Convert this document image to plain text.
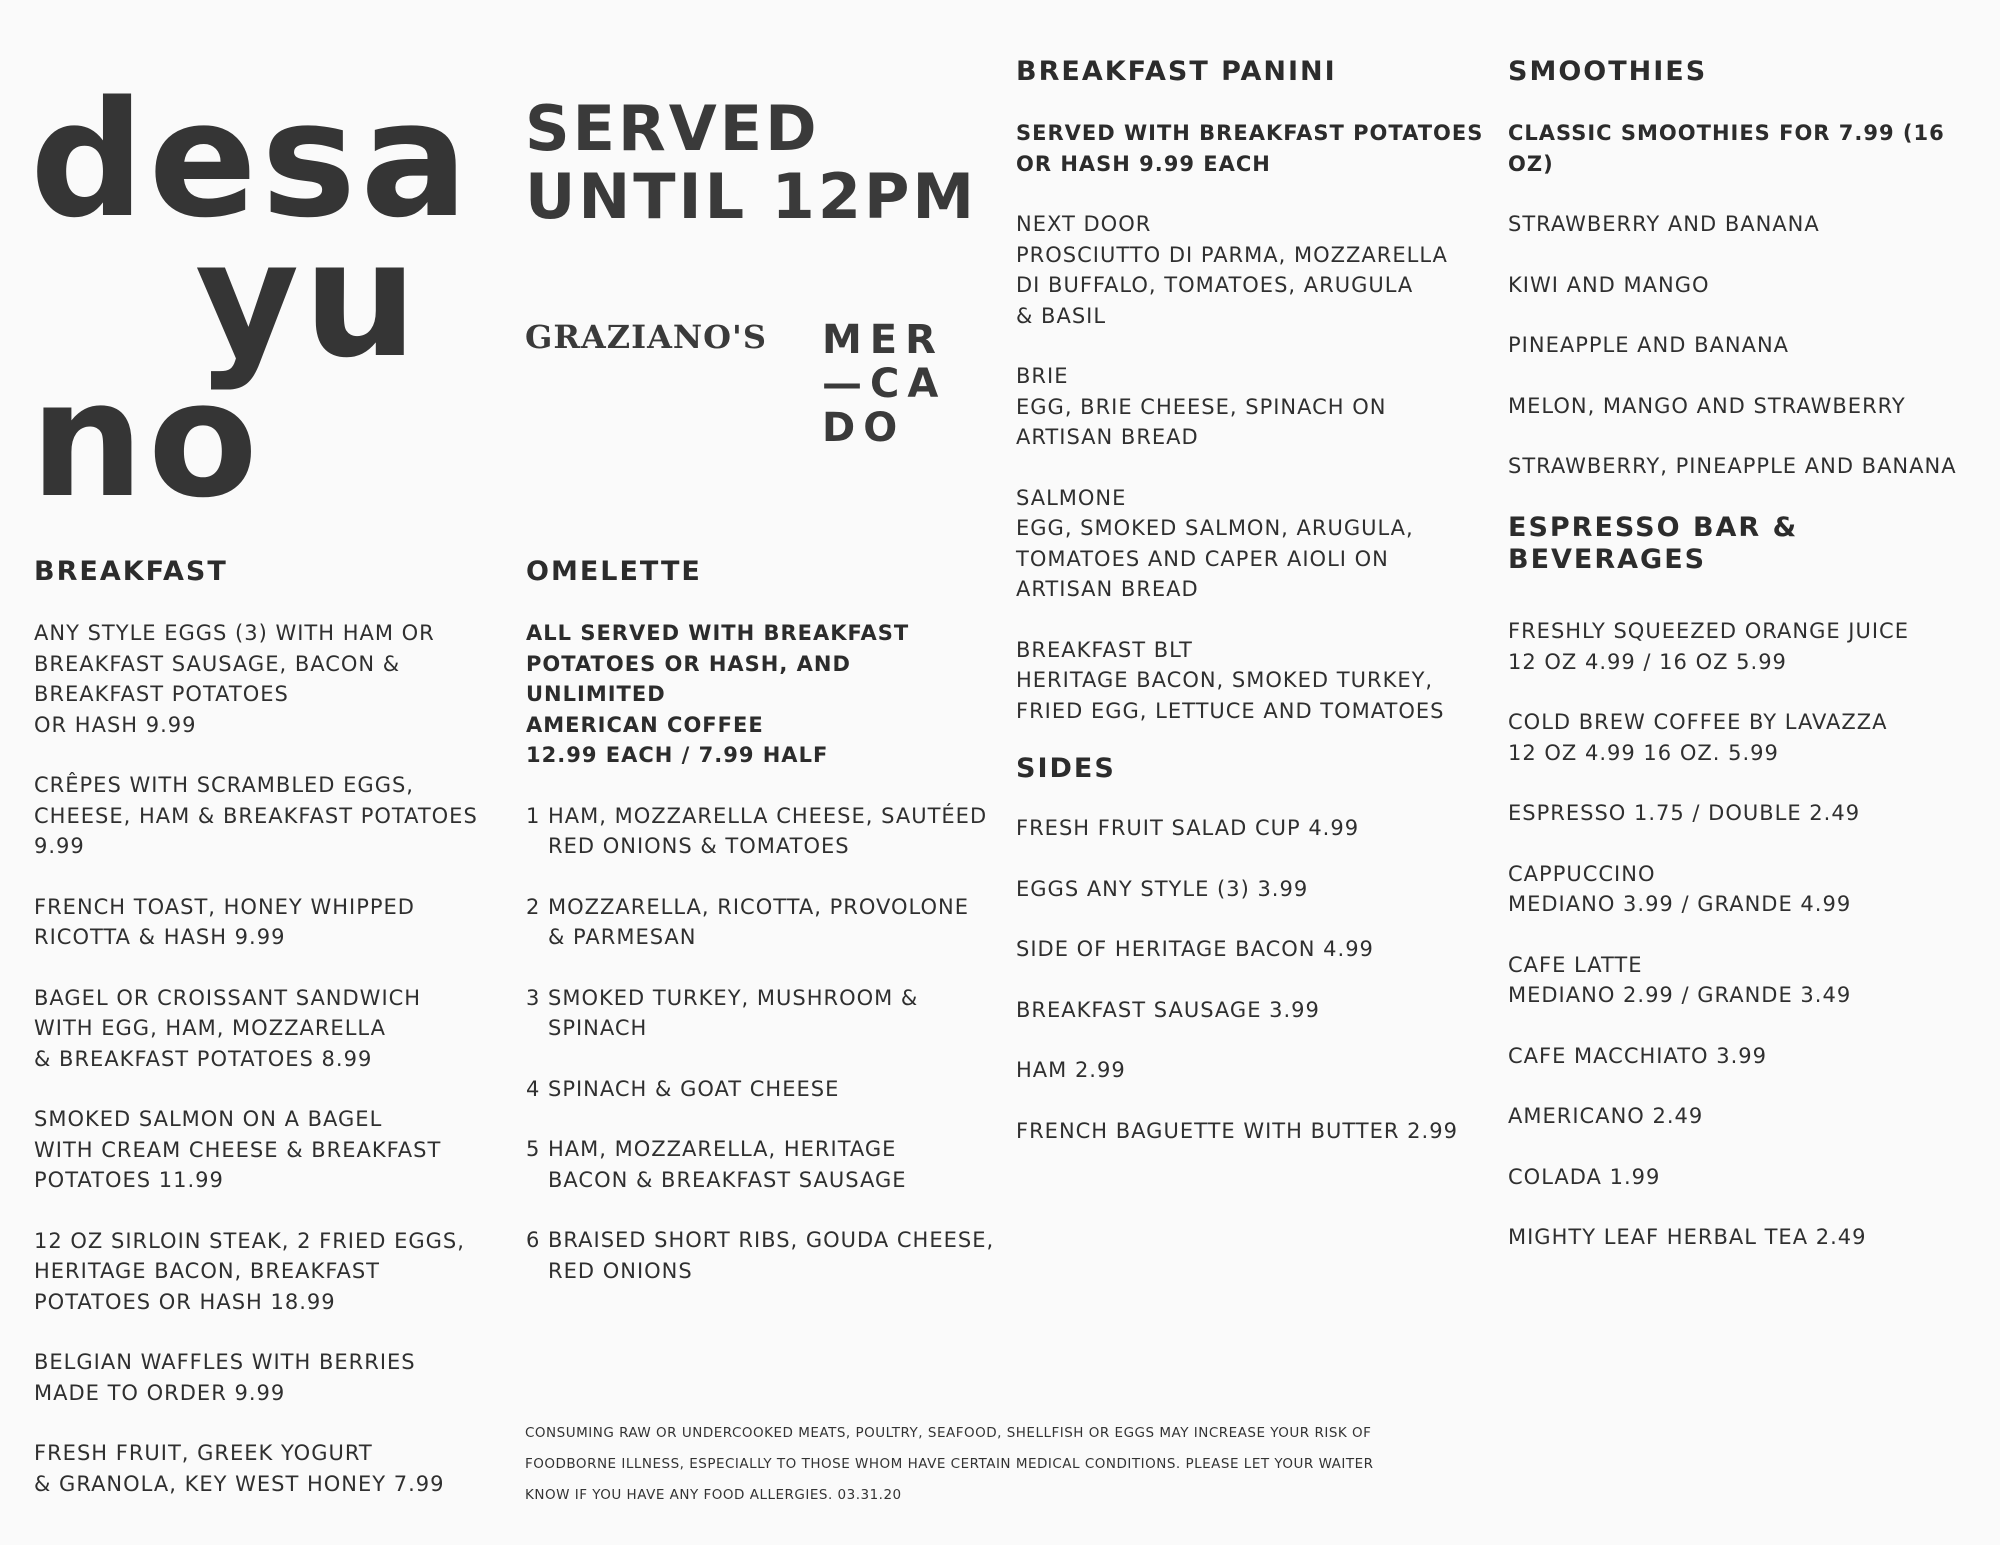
desa
yu
no
SERVED
UNTIL 12PM
GRAZIANO'S MER
—CA
DO
BREAKFAST
ANY STYLE EGGS (3) WITH HAM OR
BREAKFAST SAUSAGE, BACON &
BREAKFAST POTATOES
OR HASH 9.99
CRÊPES WITH SCRAMBLED EGGS,
CHEESE, HAM & BREAKFAST POTATOES
9.99
FRENCH TOAST, HONEY WHIPPED
RICOTTA & HASH 9.99
BAGEL OR CROISSANT SANDWICH
WITH EGG, HAM, MOZZARELLA
& BREAKFAST POTATOES 8.99
SMOKED SALMON ON A BAGEL
WITH CREAM CHEESE & BREAKFAST
POTATOES 11.99
12 OZ SIRLOIN STEAK, 2 FRIED EGGS,
HERITAGE BACON, BREAKFAST
POTATOES OR HASH 18.99
BELGIAN WAFFLES WITH BERRIES
MADE TO ORDER 9.99
FRESH FRUIT, GREEK YOGURT
& GRANOLA, KEY WEST HONEY 7.99
OMELETTE
ALL SERVED WITH BREAKFAST
POTATOES OR HASH, AND UNLIMITED
AMERICAN COFFEE
12.99 EACH / 7.99 HALF
1 HAM, MOZZARELLA CHEESE, SAUTÉED
RED ONIONS & TOMATOES
2 MOZZARELLA, RICOTTA, PROVOLONE
& PARMESAN
3 SMOKED TURKEY, MUSHROOM &
SPINACH
4 SPINACH & GOAT CHEESE
5 HAM, MOZZARELLA, HERITAGE
BACON & BREAKFAST SAUSAGE
6 BRAISED SHORT RIBS, GOUDA CHEESE,
RED ONIONS
BREAKFAST PANINI
SERVED WITH BREAKFAST POTATOES
OR HASH 9.99 EACH
NEXT DOOR
PROSCIUTTO DI PARMA, MOZZARELLA
DI BUFFALO, TOMATOES, ARUGULA
& BASIL
BRIE
EGG, BRIE CHEESE, SPINACH ON
ARTISAN BREAD
SALMONE
EGG, SMOKED SALMON, ARUGULA,
TOMATOES AND CAPER AIOLI ON
ARTISAN BREAD
BREAKFAST BLT
HERITAGE BACON, SMOKED TURKEY,
FRIED EGG, LETTUCE AND TOMATOES
SIDES
FRESH FRUIT SALAD CUP 4.99
EGGS ANY STYLE (3) 3.99
SIDE OF HERITAGE BACON 4.99
BREAKFAST SAUSAGE 3.99
HAM 2.99
FRENCH BAGUETTE WITH BUTTER 2.99
SMOOTHIES
CLASSIC SMOOTHIES FOR 7.99 (16 OZ)
STRAWBERRY AND BANANA
KIWI AND MANGO
PINEAPPLE AND BANANA
MELON, MANGO AND STRAWBERRY
STRAWBERRY, PINEAPPLE AND BANANA
ESPRESSO BAR & BEVERAGES
FRESHLY SQUEEZED ORANGE JUICE
12 OZ 4.99 / 16 OZ 5.99
COLD BREW COFFEE BY LAVAZZA
12 OZ 4.99 16 OZ. 5.99
ESPRESSO 1.75 / DOUBLE 2.49
CAPPUCCINO
MEDIANO 3.99 / GRANDE 4.99
CAFE LATTE
MEDIANO 2.99 / GRANDE 3.49
CAFE MACCHIATO 3.99
AMERICANO 2.49
COLADA 1.99
MIGHTY LEAF HERBAL TEA 2.49
CONSUMING RAW OR UNDERCOOKED MEATS, POULTRY, SEAFOOD, SHELLFISH OR EGGS MAY INCREASE YOUR RISK OF
FOODBORNE ILLNESS, ESPECIALLY TO THOSE WHOM HAVE CERTAIN MEDICAL CONDITIONS. PLEASE LET YOUR WAITER
KNOW IF YOU HAVE ANY FOOD ALLERGIES. 03.31.20
